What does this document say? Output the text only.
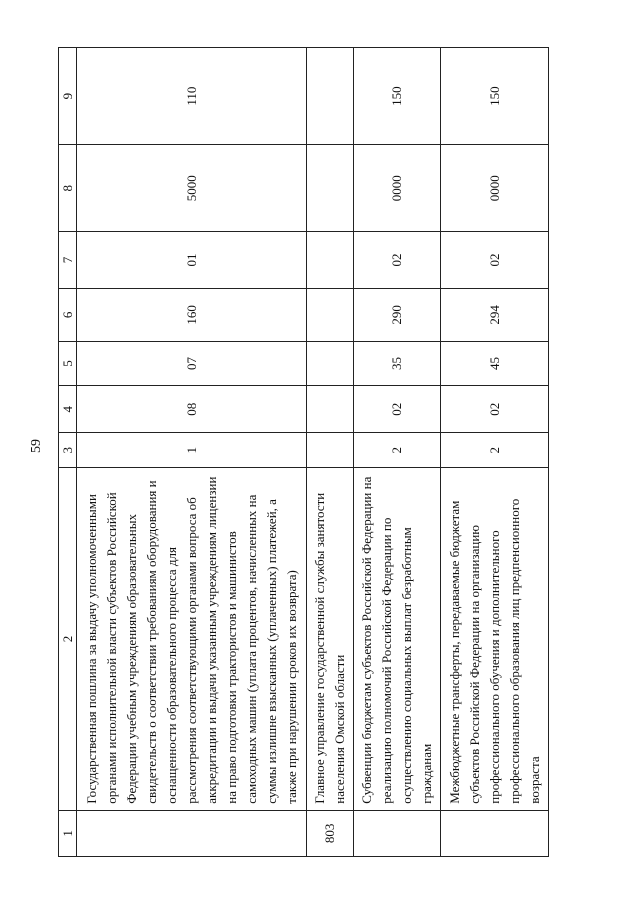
59
1	2	3	4	5	6	7	8	9
	Государственная пошлина за выдачу уполномоченными органами исполнительной власти субъектов Российской Федерации учебным учреждениям образовательных свидетельств о соответствии требованиям оборудования и оснащенности образовательного процесса для рассмотрения соответствующими органами вопроса об аккредитации и выдачи указанным учреждениям лицензии на право подготовки трактористов и машинистов самоходных машин (уплата процентов, начисленных на суммы излишне взысканных (уплаченных) платежей, а также при нарушении сроков их возврата)	1	08	07	160	01	5000	110
803	Главное управление государственной службы занятости населения Омской области							
	Субвенции бюджетам субъектов Российской Федерации на реализацию полномочий Российской Федерации по осуществлению социальных выплат безработным гражданам	2	02	35	290	02	0000	150
	Межбюджетные трансферты, передаваемые бюджетам субъектов Российской Федерации на организацию профессионального обучения и дополнительного профессионального образования лиц предпенсионного возраста	2	02	45	294	02	0000	150
